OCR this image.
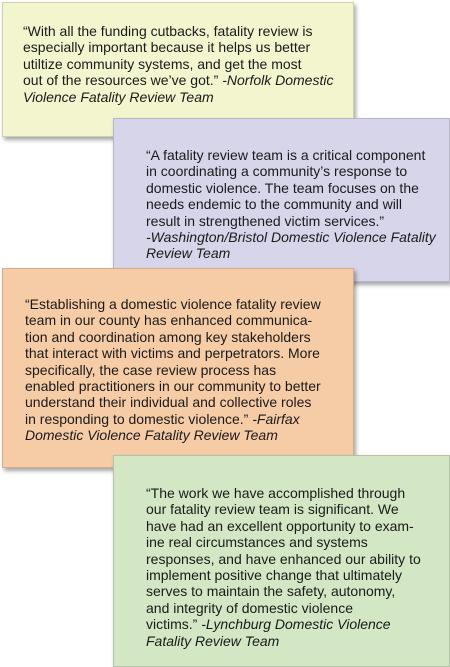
“With all the funding cutbacks, fatality review is
especially important because it helps us better
utiltize community systems, and get the most
out of the resources we’ve got.” -Norfolk Domestic
Violence Fatality Review Team

“A fatality review team is a critical component
in coordinating a community’s response to
domestic violence. The team focuses on the
needs endemic to the community and will
result in strengthened victim services.”
-Washington/Bristol Domestic Violence Fatality
Review Team

“Establishing a domestic violence fatality review
team in our county has enhanced communica-
tion and coordination among key stakeholders
that interact with victims and perpetrators. More
specifically, the case review process has
enabled practitioners in our community to better
understand their individual and collective roles
in responding to domestic violence.” -Fairfax
Domestic Violence Fatality Review Team

“The work we have accomplished through
our fatality review team is significant. We
have had an excellent opportunity to exam-
ine real circumstances and systems
responses, and have enhanced our ability to
implement positive change that ultimately
serves to maintain the safety, autonomy,
and integrity of domestic violence
victims.” -Lynchburg Domestic Violence
Fatality Review Team
